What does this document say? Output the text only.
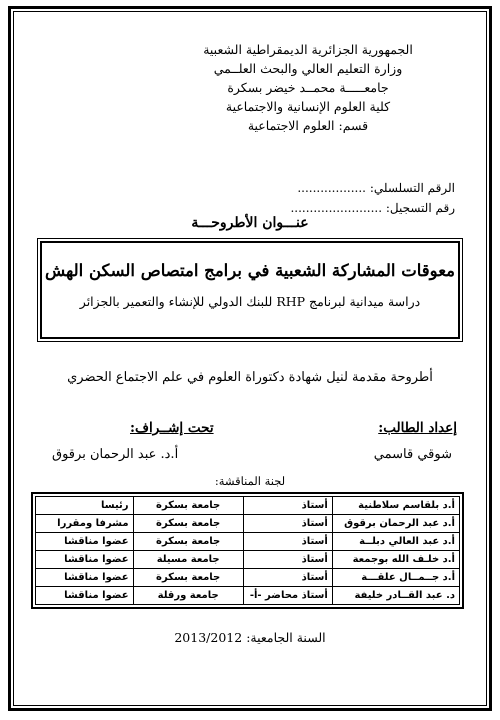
الجمهورية الجزائرية الديمقراطية الشعبية
وزارة التعليم العالي والبحث العلــمي
جامعـــــة محمــد خيضر بسكرة
كلية العلوم الإنسانية والاجتماعية
قسم: العلوم الاجتماعية
الرقم التسلسلي: ..................
رقم التسجيل: ........................
عنـــوان الأطروحـــة
معوقات المشاركة الشعبية في برامج امتصاص السكن الهش
دراسة ميدانية لبرنامج RHP للبنك الدولي للإنشاء والتعمير بالجزائر
أطروحة مقدمة لنيل شهادة دكتوراة العلوم في علم الاجتماع الحضري
إعداد الطالب:
شوقي قاسمي
تحت إشــراف:
أ.د. عبد الرحمان برقوق
لجنة المناقشة:
أ.د بلقاسم سلاطنية	أستاذ	جامعة بسكرة	رئيسا
أ.د عبد الرحمان برقوق	أستاذ	جامعة بسكرة	مشرفا ومقررا
أ.د عبد العالي دبلــة	أستاذ	جامعة بسكرة	عضوا مناقشا
أ.د خلـف الله بوجمعة	أستاذ	جامعة مسيلة	عضوا مناقشا
أ.د جــمــال علقـــة	أستاذ	جامعة بسكرة	عضوا مناقشا
د. عبد القــادر خليفة	أستاذ محاضر -أ-	جامعة ورقلة	عضوا مناقشا
السنة الجامعية: 2013/2012
